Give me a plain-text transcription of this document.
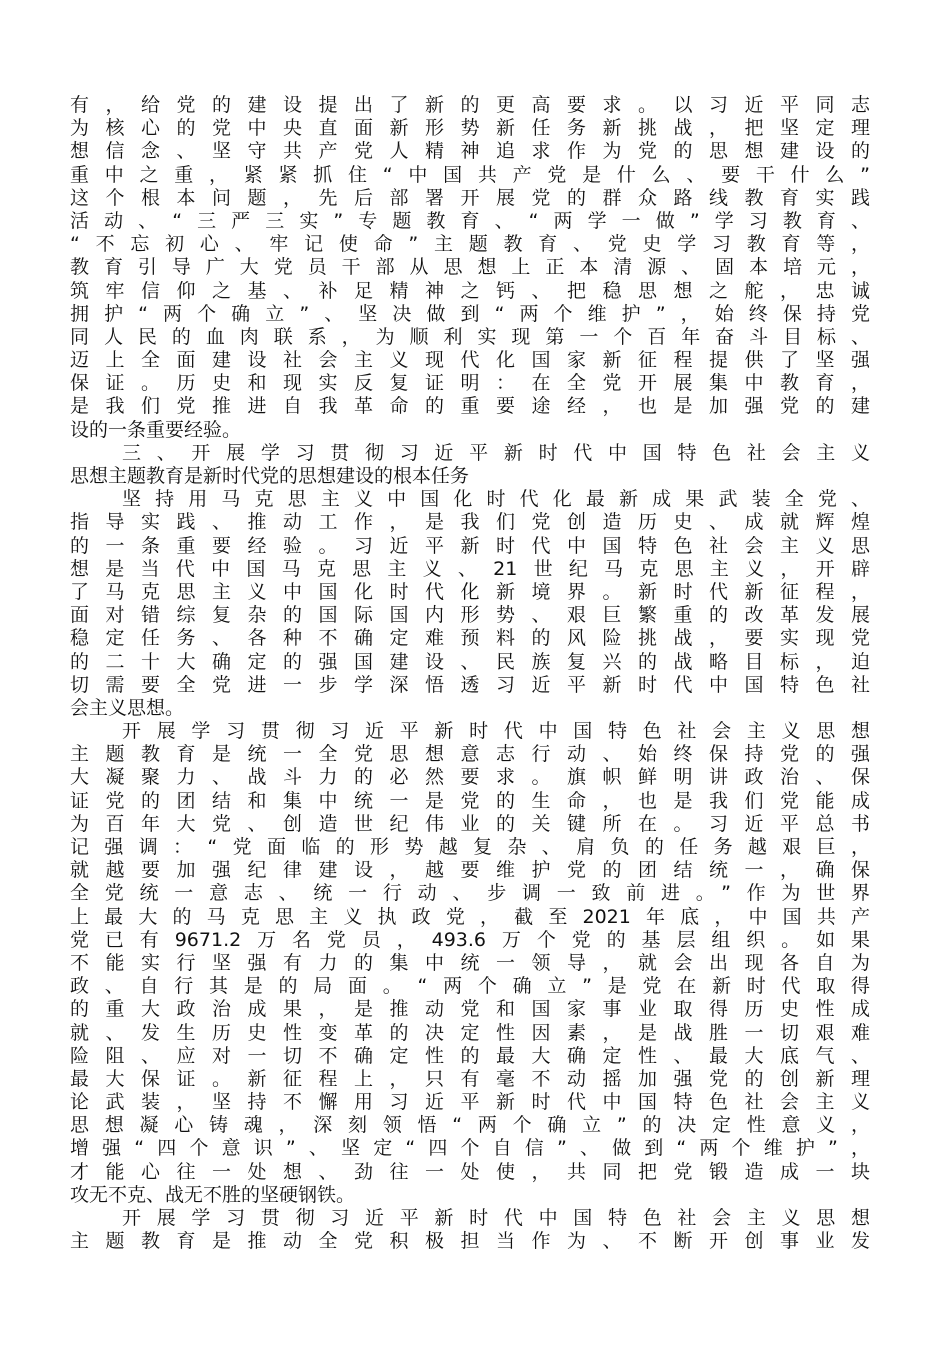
有，给党的建设提出了新的更高要求。以习近平同志
为核心的党中央直面新形势新任务新挑战，把坚定理
想信念、坚守共产党人精神追求作为党的思想建设的
重中之重，紧紧抓住“中国共产党是什么、要干什么”
这个根本问题，先后部署开展党的群众路线教育实践
活动、“三严三实”专题教育、“两学一做”学习教育、
“不忘初心、牢记使命”主题教育、党史学习教育等，
教育引导广大党员干部从思想上正本清源、固本培元，
筑牢信仰之基、补足精神之钙、把稳思想之舵，忠诚
拥护“两个确立”、坚决做到“两个维护”，始终保持党
同人民的血肉联系，为顺利实现第一个百年奋斗目标、
迈上全面建设社会主义现代化国家新征程提供了坚强
保证。历史和现实反复证明：在全党开展集中教育，
是我们党推进自我革命的重要途经，也是加强党的建
设的一条重要经验。
三、开展学习贯彻习近平新时代中国特色社会主义
思想主题教育是新时代党的思想建设的根本任务
坚持用马克思主义中国化时代化最新成果武装全党、
指导实践、推动工作，是我们党创造历史、成就辉煌
的一条重要经验。习近平新时代中国特色社会主义思
想是当代中国马克思主义、21世纪马克思主义，开辟
了马克思主义中国化时代化新境界。新时代新征程，
面对错综复杂的国际国内形势、艰巨繁重的改革发展
稳定任务、各种不确定难预料的风险挑战，要实现党
的二十大确定的强国建设、民族复兴的战略目标，迫
切需要全党进一步学深悟透习近平新时代中国特色社
会主义思想。
开展学习贯彻习近平新时代中国特色社会主义思想
主题教育是统一全党思想意志行动、始终保持党的强
大凝聚力、战斗力的必然要求。旗帜鲜明讲政治、保
证党的团结和集中统一是党的生命，也是我们党能成
为百年大党、创造世纪伟业的关键所在。习近平总书
记强调：“党面临的形势越复杂、肩负的任务越艰巨，
就越要加强纪律建设，越要维护党的团结统一，确保
全党统一意志、统一行动、步调一致前进。”作为世界
上最大的马克思主义执政党，截至2021年底，中国共产
党已有9671.2万名党员，493.6万个党的基层组织。如果
不能实行坚强有力的集中统一领导，就会出现各自为
政、自行其是的局面。“两个确立”是党在新时代取得
的重大政治成果，是推动党和国家事业取得历史性成
就、发生历史性变革的决定性因素，是战胜一切艰难
险阻、应对一切不确定性的最大确定性、最大底气、
最大保证。新征程上，只有毫不动摇加强党的创新理
论武装，坚持不懈用习近平新时代中国特色社会主义
思想凝心铸魂，深刻领悟“两个确立”的决定性意义，
增强“四个意识”、坚定“四个自信”、做到“两个维护”，
才能心往一处想、劲往一处使，共同把党锻造成一块
攻无不克、战无不胜的坚硬钢铁。
开展学习贯彻习近平新时代中国特色社会主义思想
主题教育是推动全党积极担当作为、不断开创事业发
